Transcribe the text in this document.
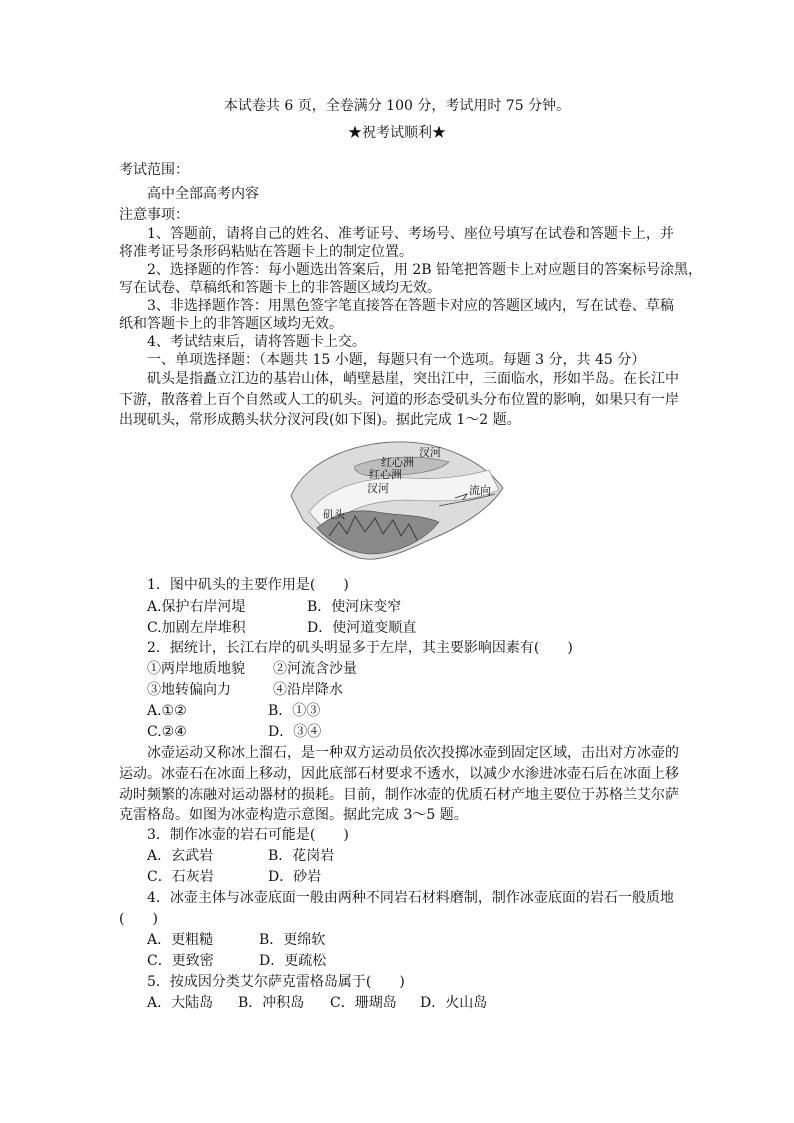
本试卷共 6 页，全卷满分 100 分，考试用时 75 分钟。
★祝考试顺利★
考试范围：
高中全部高考内容
注意事项：
1、答题前，请将自己的姓名、准考证号、考场号、座位号填写在试卷和答题卡上，并
将准考证号条形码粘贴在答题卡上的制定位置。
2、选择题的作答：每小题选出答案后，用 2B 铅笔把答题卡上对应题目的答案标号涂黑，
写在试卷、草稿纸和答题卡上的非答题区域均无效。
3、非选择题作答：用黑色签字笔直接答在答题卡对应的答题区域内，写在试卷、草稿
纸和答题卡上的非答题区域均无效。
4、考试结束后，请将答题卡上交。
一、单项选择题：（本题共 15 小题，每题只有一个选项。每题 3 分，共 45 分）
矶头是指矗立江边的基岩山体，峭壁悬崖，突出江中，三面临水，形如半岛。在长江中
下游，散落着上百个自然或人工的矶头。河道的形态受矶头分布位置的影响，如果只有一岸
出现矶头，常形成鹅头状分汊河段(如下图)。据此完成 1～2 题。
汊河
红心洲
红心洲
汊河	流向
矶头
1．图中矶头的主要作用是(　　)
A.保护右岸河堤	B．使河床变窄
C.加剧左岸堆积	D．使河道变顺直
2．据统计，长江右岸的矶头明显多于左岸，其主要影响因素有(　　)
①两岸地质地貌 ②河流含沙量
③地转偏向力	④沿岸降水
A.①②	B．①③
C.②④	D．③④
冰壶运动又称冰上溜石，是一种双方运动员依次投掷冰壶到固定区域，击出对方冰壶的
运动。冰壶石在冰面上移动，因此底部石材要求不透水，以减少水渗进冰壶石后在冰面上移
动时频繁的冻融对运动器材的损耗。目前，制作冰壶的优质石材产地主要位于苏格兰艾尔萨
克雷格岛。如图为冰壶构造示意图。据此完成 3～5 题。
3．制作冰壶的岩石可能是(　　)
A．玄武岩	B．花岗岩
C．石灰岩	D．砂岩
4．冰壶主体与冰壶底面一般由两种不同岩石材料磨制，制作冰壶底面的岩石一般质地
(　　)
A．更粗糙	B．更绵软
C．更致密	D．更疏松
5．按成因分类艾尔萨克雷格岛属于(　　)
A．大陆岛 B．冲积岛 C．珊瑚岛 D．火山岛
